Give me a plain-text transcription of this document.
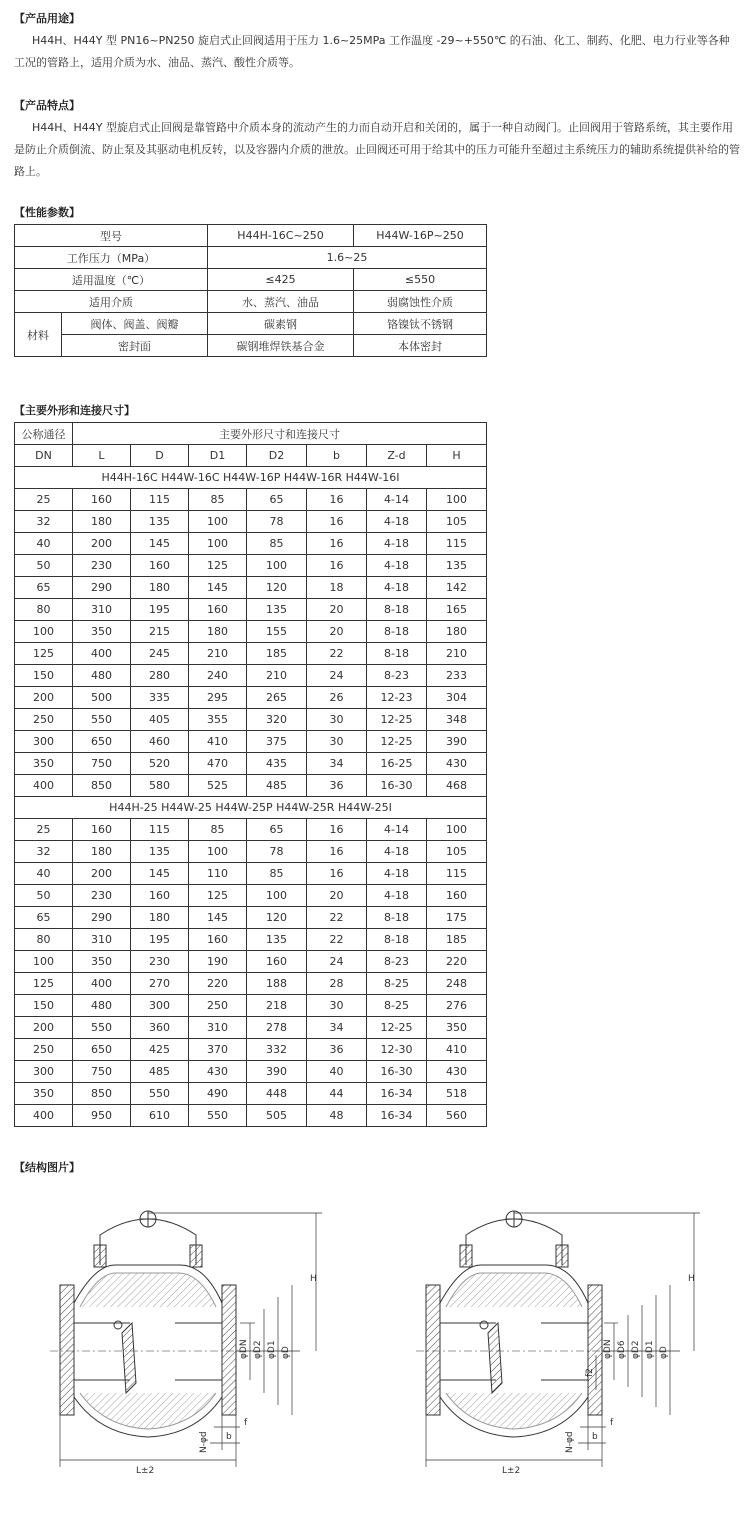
【产品用途】

H44H、H44Y 型 PN16~PN250 旋启式止回阀适用于压力 1.6~25MPa 工作温度 -29~+550℃ 的石油、化工、制药、化肥、电力行业等各种工况的管路上，适用介质为水、油品、蒸汽、酸性介质等。

【产品特点】

H44H、H44Y 型旋启式止回阀是靠管路中介质本身的流动产生的力而自动开启和关闭的，属于一种自动阀门。止回阀用于管路系统，其主要作用是防止介质倒流、防止泵及其驱动电机反转，以及容器内介质的泄放。止回阀还可用于给其中的压力可能升至超过主系统压力的辅助系统提供补给的管路上。

【性能参数】

型号		H44H-16C~250	H44W-16P~250
工作压力（MPa）		1.6~25	
适用温度（℃）		≤425	≤550
适用介质		水、蒸汽、油品	弱腐蚀性介质
材料	阀体、阀盖、阀瓣	碳素钢	铬镍钛不锈钢
	密封面	碳钢堆焊铁基合金	本体密封

【主要外形和连接尺寸】

公称通径	主要外形尺寸和连接尺寸						
DN	L	D	D1	D2	b	Z-d	H
H44H-16C H44W-16C H44W-16P H44W-16R H44W-16I							
25	160	115	85	65	16	4-14	100
32	180	135	100	78	16	4-18	105
40	200	145	100	85	16	4-18	115
50	230	160	125	100	16	4-18	135
65	290	180	145	120	18	4-18	142
80	310	195	160	135	20	8-18	165
100	350	215	180	155	20	8-18	180
125	400	245	210	185	22	8-18	210
150	480	280	240	210	24	8-23	233
200	500	335	295	265	26	12-23	304
250	550	405	355	320	30	12-25	348
300	650	460	410	375	30	12-25	390
350	750	520	470	435	34	16-25	430
400	850	580	525	485	36	16-30	468
H44H-25 H44W-25 H44W-25P H44W-25R H44W-25I							
25	160	115	85	65	16	4-14	100
32	180	135	100	78	16	4-18	105
40	200	145	110	85	16	4-18	115
50	230	160	125	100	20	4-18	160
65	290	180	145	120	22	8-18	175
80	310	195	160	135	22	8-18	185
100	350	230	190	160	24	8-23	220
125	400	270	220	188	28	8-25	248
150	480	300	250	218	30	8-25	276
200	550	360	310	278	34	12-25	350
250	650	425	370	332	36	12-30	410
300	750	485	430	390	40	16-30	430
350	850	550	490	448	44	16-34	518
400	950	610	550	505	48	16-34	560

【结构图片】

H
φDN φD2 φD1 φD
N-φd b
f
L±2
H
φDN φD6 φD2 φD1 φD
f2
N-φd b
f
L±2
